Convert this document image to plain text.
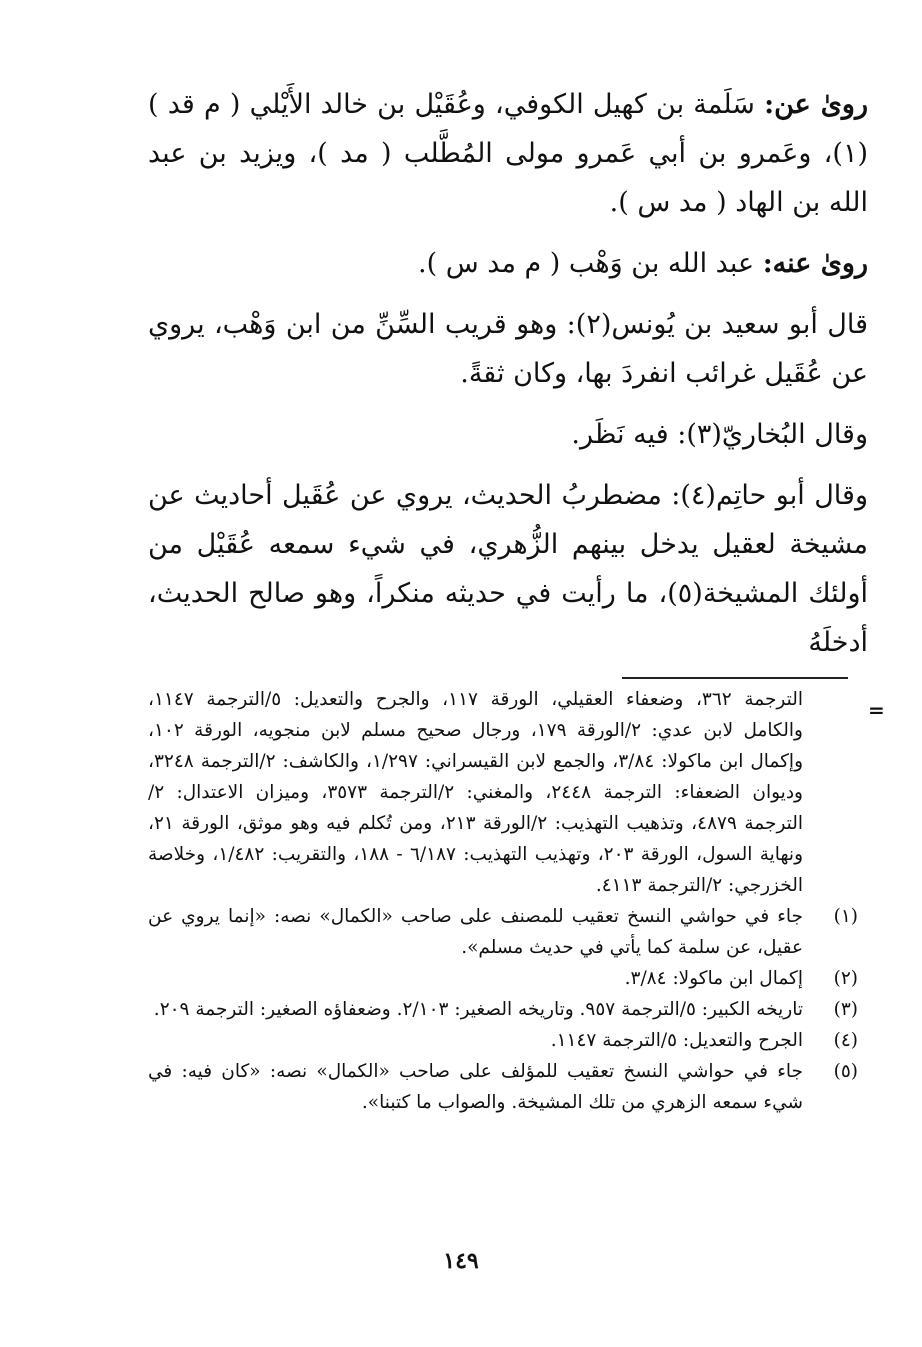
روىٰ عن: سَلَمة بن كهيل الكوفي، وعُقَيْل بن خالد الأَيْلي ( م قد )(١)، وعَمرو بن أبي عَمرو مولى المُطَّلب ( مد )، ويزيد بن عبد الله بن الهاد ( مد س ).

روىٰ عنه: عبد الله بن وَهْب ( م مد س ).

قال أبو سعيد بن يُونس(٢): وهو قريب السِّنِّ من ابن وَهْب، يروي عن عُقَيل غرائب انفردَ بها، وكان ثقةً.

وقال البُخاريّ(٣): فيه نَظَر.

وقال أبو حاتِم(٤): مضطربُ الحديث، يروي عن عُقَيل أحاديث عن مشيخة لعقيل يدخل بينهم الزُّهري، في شيء سمعه عُقَيْل من أولئك المشيخة(٥)، ما رأيت في حديثه منكراً، وهو صالح الحديث، أدخلَهُ

=

الترجمة ٣٦٢، وضعفاء العقيلي، الورقة ١١٧، والجرح والتعديل: ٥/الترجمة ١١٤٧، والكامل لابن عدي: ٢/الورقة ١٧٩، ورجال صحيح مسلم لابن منجويه، الورقة ١٠٢، وإكمال ابن ماكولا: ٣/٨٤، والجمع لابن القيسراني: ١/٢٩٧، والكاشف: ٢/الترجمة ٣٢٤٨، وديوان الضعفاء: الترجمة ٢٤٤٨، والمغني: ٢/الترجمة ٣٥٧٣، وميزان الاعتدال: ٢/الترجمة ٤٨٧٩، وتذهيب التهذيب: ٢/الورقة ٢١٣، ومن تُكلم فيه وهو موثق، الورقة ٢١، ونهاية السول، الورقة ٢٠٣، وتهذيب التهذيب: ٦/١٨٧ - ١٨٨، والتقريب: ١/٤٨٢، وخلاصة الخزرجي: ٢/الترجمة ٤١١٣.

(١)
جاء في حواشي النسخ تعقيب للمصنف على صاحب «الكمال» نصه: «إنما يروي عن عقيل، عن سلمة كما يأتي في حديث مسلم».
(٢)
إكمال ابن ماكولا: ٣/٨٤.
(٣)
تاريخه الكبير: ٥/الترجمة ٩٥٧. وتاريخه الصغير: ٢/١٠٣. وضعفاؤه الصغير: الترجمة ٢٠٩.
(٤)
الجرح والتعديل: ٥/الترجمة ١١٤٧.
(٥)
جاء في حواشي النسخ تعقيب للمؤلف على صاحب «الكمال» نصه: «كان فيه: في شيء سمعه الزهري من تلك المشيخة. والصواب ما كتبنا».
١٤٩
